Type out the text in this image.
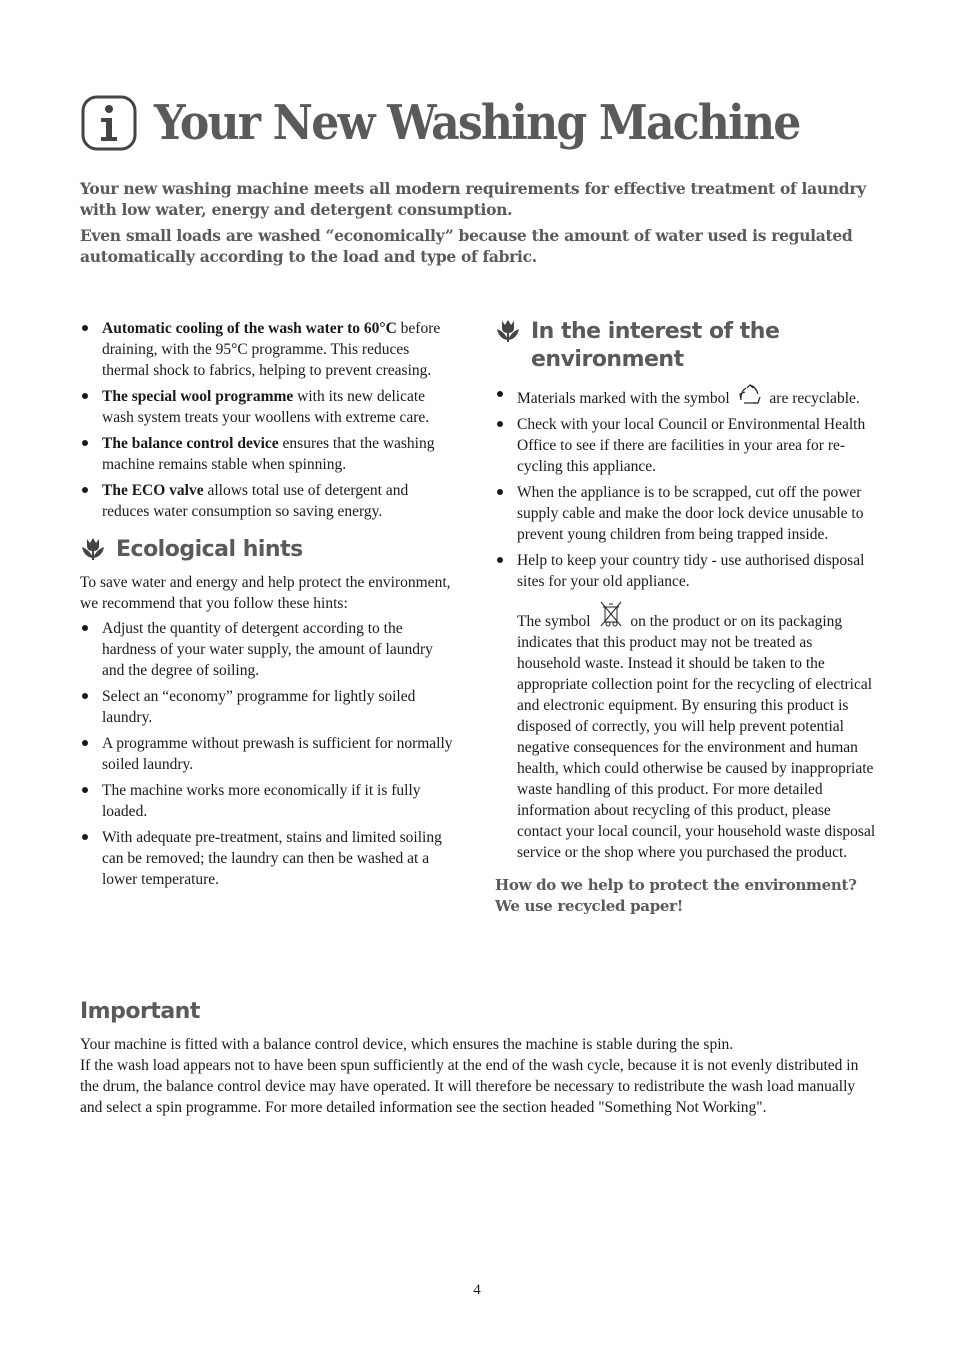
Your New Washing Machine

Your new washing machine meets all modern requirements for effective treatment of laundry with low water, energy and detergent consumption.

Even small loads are washed “economically” because the amount of water used is regulated automatically according to the load and type of fabric.

Automatic cooling of the wash water to 60°C before draining, with the 95°C programme. This reduces thermal shock to fabrics, helping to prevent creasing.
The special wool programme with its new delicate wash system treats your woollens with extreme care.
The balance control device ensures that the washing machine remains stable when spinning.
The ECO valve allows total use of detergent and reduces water consumption so saving energy.
Ecological hints

To save water and energy and help protect the environment, we recommend that you follow these hints:

Adjust the quantity of detergent according to the hardness of your water supply, the amount of laundry and the degree of soiling.
Select an “economy” programme for lightly soiled laundry.
A programme without prewash is sufficient for normally soiled laundry.
The machine works more economically if it is fully loaded.
With adequate pre-treatment, stains and limited soiling can be removed; the laundry can then be washed at a lower temperature.
In the interest of the
environment
Materials marked with the symbol	are recyclable.
Check with your local Council or Environmental Health Office to see if there are facilities in your area for re-cycling this appliance.
When the appliance is to be scrapped, cut off the power supply cable and make the door lock device unusable to prevent young children from being trapped inside.
Help to keep your country tidy - use authorised disposal sites for your old appliance.

The symbol	on the product or on its packaging indicates that this product may not be treated as household waste. Instead it should be taken to the appropriate collection point for the recycling of electrical and electronic equipment. By ensuring this product is disposed of correctly, you will help prevent potential negative consequences for the environment and human health, which could otherwise be caused by inappropriate waste handling of this product. For more detailed information about recycling of this product, please contact your local council, your household waste disposal service or the shop where you purchased the product.

How do we help to protect the environment?
We use recycled paper!
Important

Your machine is fitted with a balance control device, which ensures the machine is stable during the spin.

If the wash load appears not to have been spun sufficiently at the end of the wash cycle, because it is not evenly distributed in the drum, the balance control device may have operated. It will therefore be necessary to redistribute the wash load manually and select a spin programme. For more detailed information see the section headed "Something Not Working".

4
